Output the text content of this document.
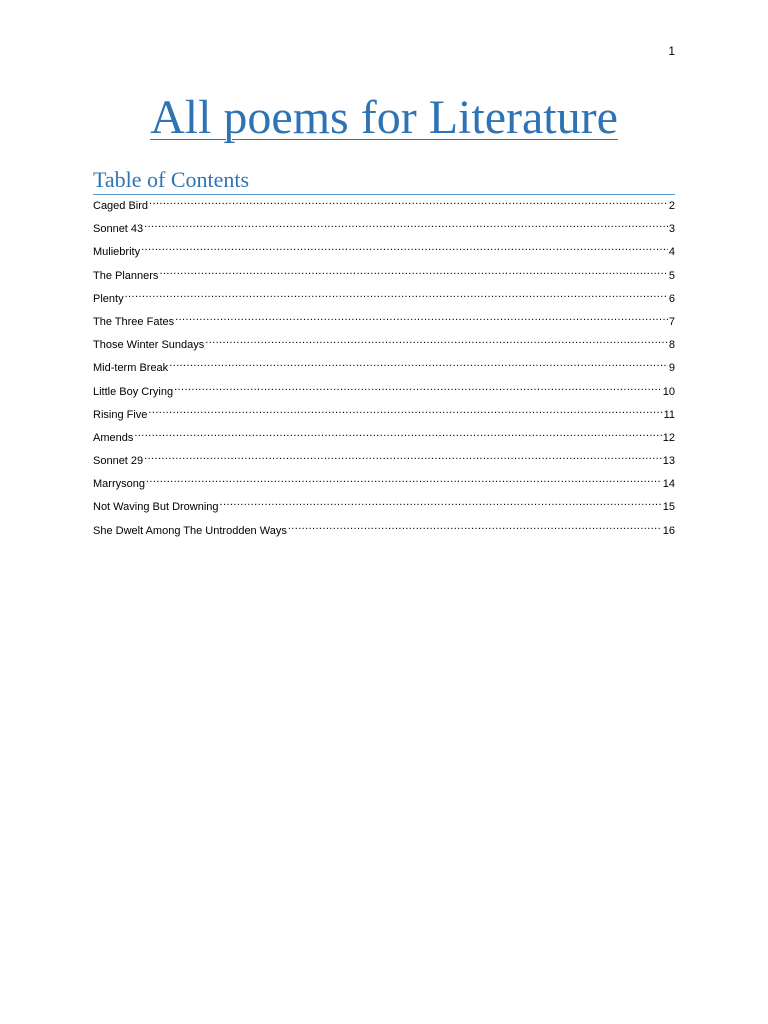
1
All poems for Literature
Table of Contents
Caged Bird .....	2
Sonnet 43 .....	3
Muliebrity .....	4
The Planners .....	5
Plenty .....	6
The Three Fates .....	7
Those Winter Sundays .....	8
Mid-term Break .....	9
Little Boy Crying .....	10
Rising Five .....	11
Amends .....	12
Sonnet 29 .....	13
Marrysong .....	14
Not Waving But Drowning .....	15
She Dwelt Among The Untrodden Ways .....	16
